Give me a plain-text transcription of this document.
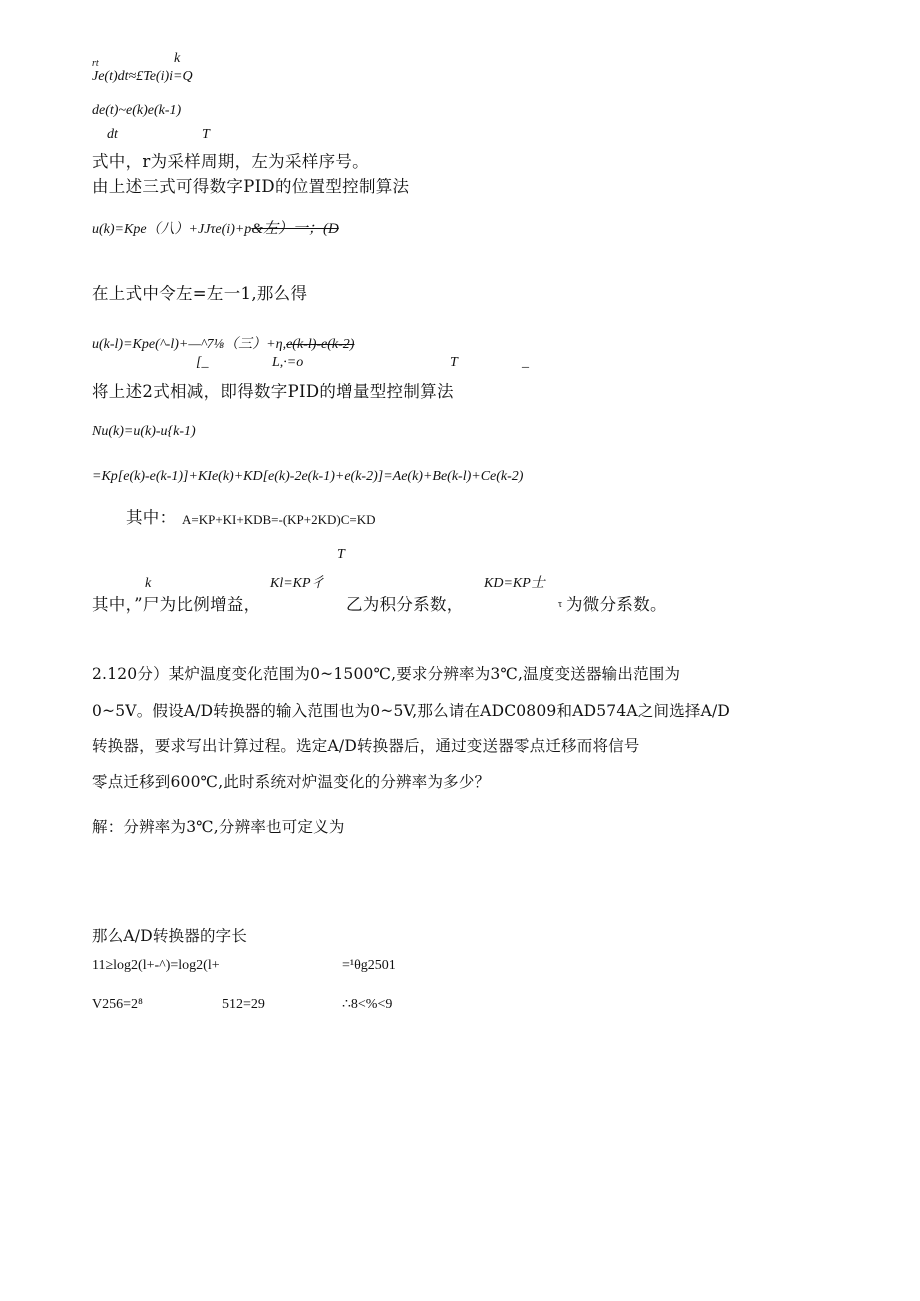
rt	k
Je(t)dt≈£Te(i)i=Q
de(t)~e(k)e(k-1)
dt	T
式中，r为采样周期，左为采样序号。
由上述三式可得数字PID的位置型控制算法
u(k)=Kpe（八）+JJτe(i)+p&左）一；(D
在上式中令左=左一1,那么得
u(k-l)=Kpe(^-l)+—^7⅛（三）+η,e(k-l)-e(k-2)
[_	L,∙=o	T	_
将上述2式相减，即得数字PID的增量型控制算法
Nu(k)=u(k)-u{k-1)
=Kp[e(k)-e(k-1)]+KIe(k)+KD[e(k)-2e(k-1)+e(k-2)]=Ae(k)+Be(k-l)+Ce(k-2)
其中： A=KP+KI+KDB=-(KP+2KD)C=KD
T
k	Kl=KP彳	KD=KP士
其中，”尸为比例增益，	乙为积分系数，	τ 为微分系数。
2.120分）某炉温度变化范围为0~1500℃,要求分辨率为3℃,温度变送器输出范围为
0~5V。假设A/D转换器的输入范围也为0~5V,那么请在ADC0809和AD574A之间选择A/D
转换器，要求写出计算过程。选定A/D转换器后，通过变送器零点迁移而将信号
零点迁移到600℃,此时系统对炉温变化的分辨率为多少？
解：分辨率为3℃,分辨率也可定义为
那么A/D转换器的字长
11≥log2(l+-^)=log2(l+	=¹θg2501
V256=2⁸	512=29	∴8<%<9
